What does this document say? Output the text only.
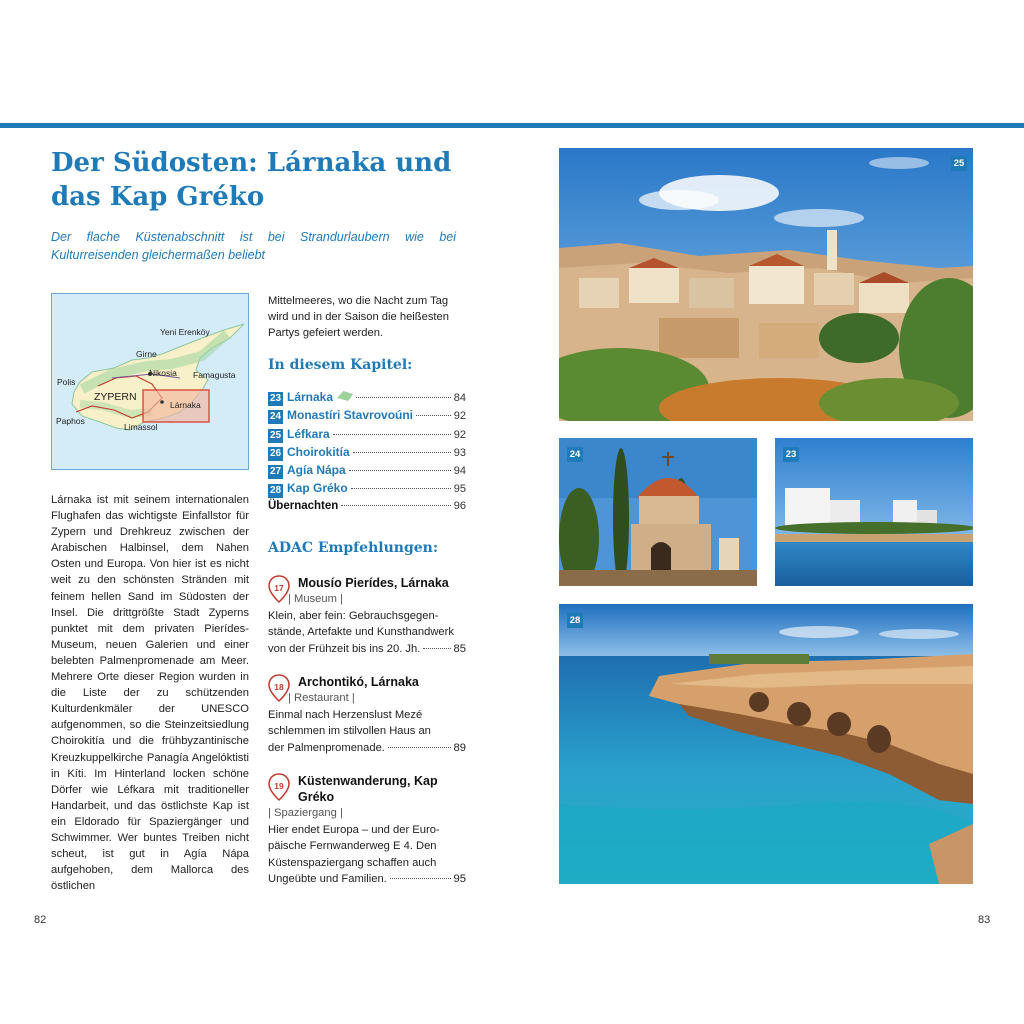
Der Südosten: Lárnaka und das Kap Gréko

Der flache Küstenabschnitt ist bei Strandurlaubern wie bei Kulturreisenden gleichermaßen beliebt

Yeni Erenköy
Girne
Nikosia Famagusta
Polis
ZYPERN
Lárnaka
Paphos
Limassol

Lárnaka ist mit seinem internationalen Flughafen das wichtigste Einfallstor für Zypern und Drehkreuz zwischen der Arabischen Halbinsel, dem Nahen Osten und Europa. Von hier ist es nicht weit zu den schönsten Stränden mit feinem hellen Sand im Südosten der Insel. Die drittgrößte Stadt Zyperns punktet mit dem privaten Pierídes-Museum, neuen Galerien und einer belebten Palmenpromenade am Meer. Mehrere Orte dieser Region wurden in die Liste der zu schützenden Kulturdenkmäler der UNESCO aufgenommen, so die Steinzeitsiedlung Choirokitía und die frühbyzantinische Kreuzkuppelkirche Panagía Angelóktisti in Kíti. Im Hinterland locken schöne Dörfer wie Léfkara mit traditioneller Handarbeit, und das östlichste Kap ist ein Eldorado für Spaziergänger und Schwimmer. Wer buntes Treiben nicht scheut, ist gut in Agía Nápa aufgehoben, dem Mallorca des östlichen

Mittelmeeres, wo die Nacht zum Tag wird und in der Saison die heißesten Partys gefeiert werden.

In diesem Kapitel:
23 Lárnaka	84
24 Monastíri Stavrovoúni	92
25 Léfkara	92
26 Choirokitía	93
27 Agía Nápa	94
28 Kap Gréko	95
Übernachten	96
ADAC Empfehlungen:
17	Mousío Pierídes, Lárnaka
| Museum |
Klein, aber fein: Gebrauchsgegen-
stände, Artefakte und Kunsthandwerk
von der Frühzeit bis ins 20. Jh.	85
18	Archontikó, Lárnaka
| Restaurant |
Einmal nach Herzenslust Mezé
schlemmen im stilvollen Haus an
der Palmenpromenade.	89
19	Küstenwanderung, Kap Gréko
| Spaziergang |
Hier endet Europa – und der Euro-
päische Fernwanderweg E 4. Den
Küstenspaziergang schaffen auch
Ungeübte und Familien.	95
25
24	23
28
82	83
